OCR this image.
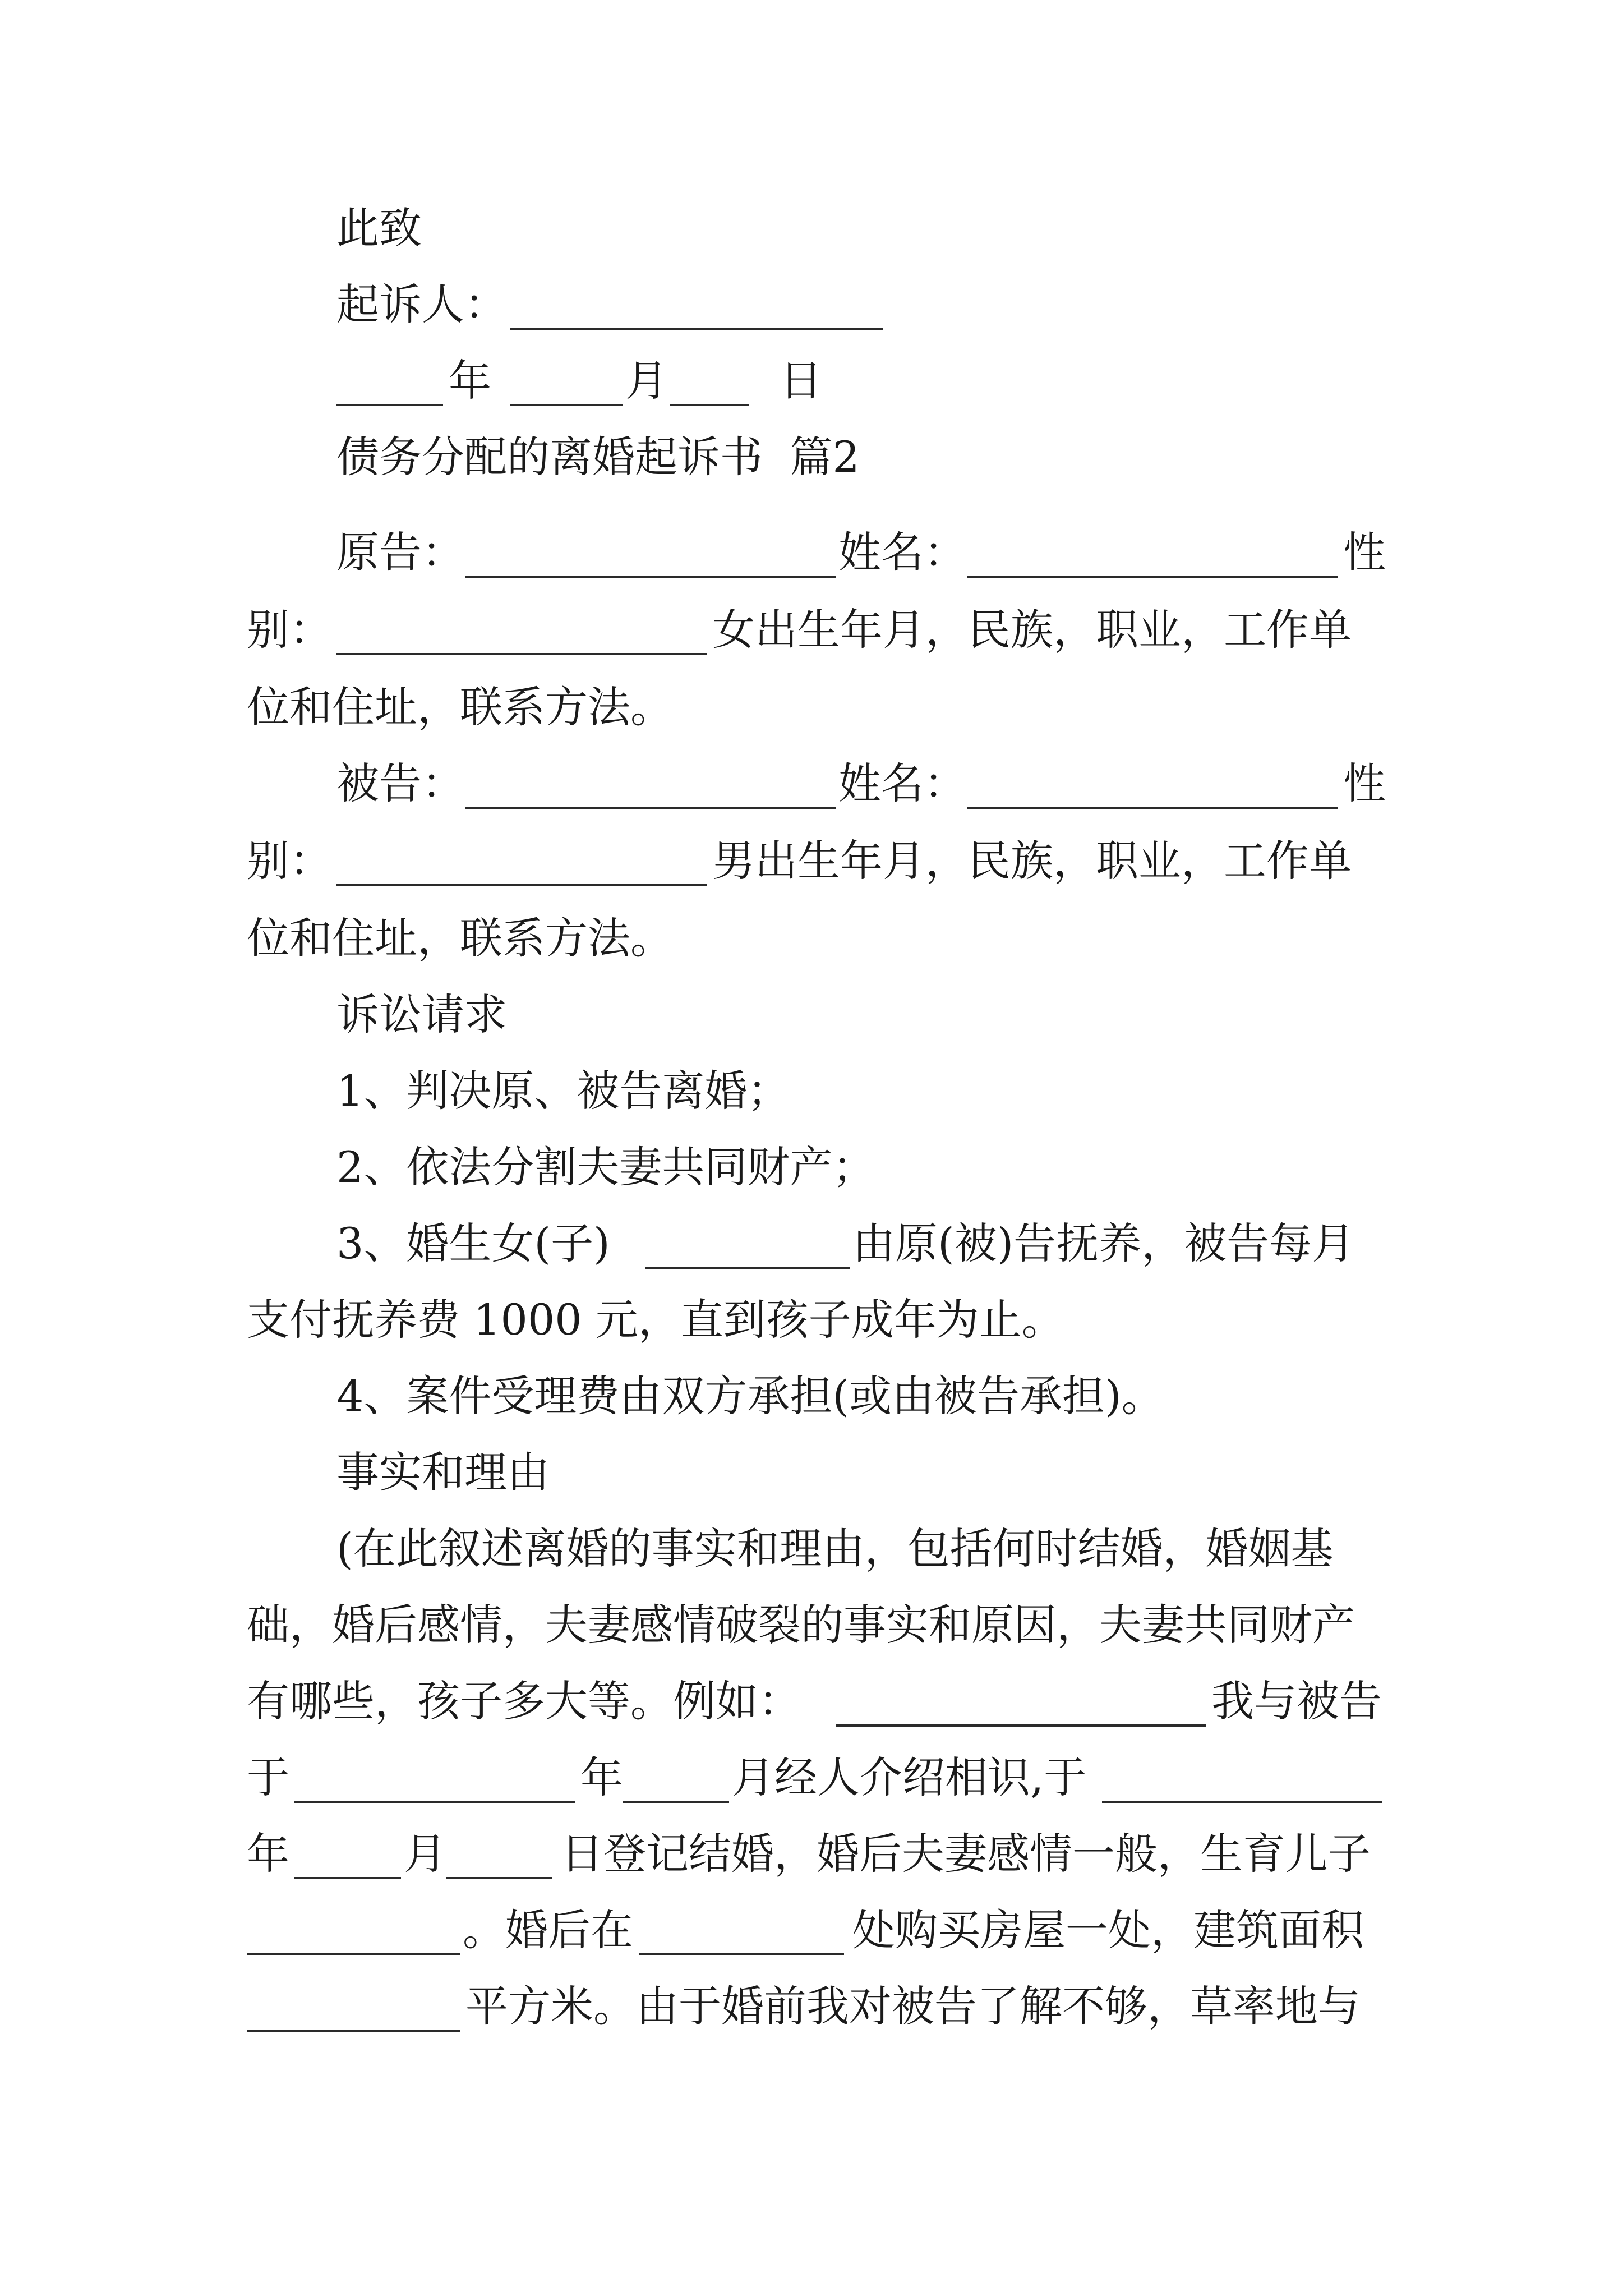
此致
起诉人：
年	月	日
债务分配的离婚起诉书  篇2
原告：	姓名：	性
别：	女出生年月，民族，职业，工作单
位和住址，联系方法。
被告：	姓名：	性
别：	男出生年月，民族，职业，工作单
位和住址，联系方法。
诉讼请求
1、判决原、被告离婚；
2、依法分割夫妻共同财产；
3、婚生女(子)	由原(被)告抚养，被告每月
支付抚养费 1000 元，直到孩子成年为止。
4、案件受理费由双方承担(或由被告承担)。
事实和理由
(在此叙述离婚的事实和理由，包括何时结婚，婚姻基
础，婚后感情，夫妻感情破裂的事实和原因，夫妻共同财产
有哪些，孩子多大等。例如：	我与被告
于	年	月经人介绍相识,于
年	月	日登记结婚，婚后夫妻感情一般，生育儿子
。婚后在	处购买房屋一处，建筑面积
平方米。由于婚前我对被告了解不够，草率地与
